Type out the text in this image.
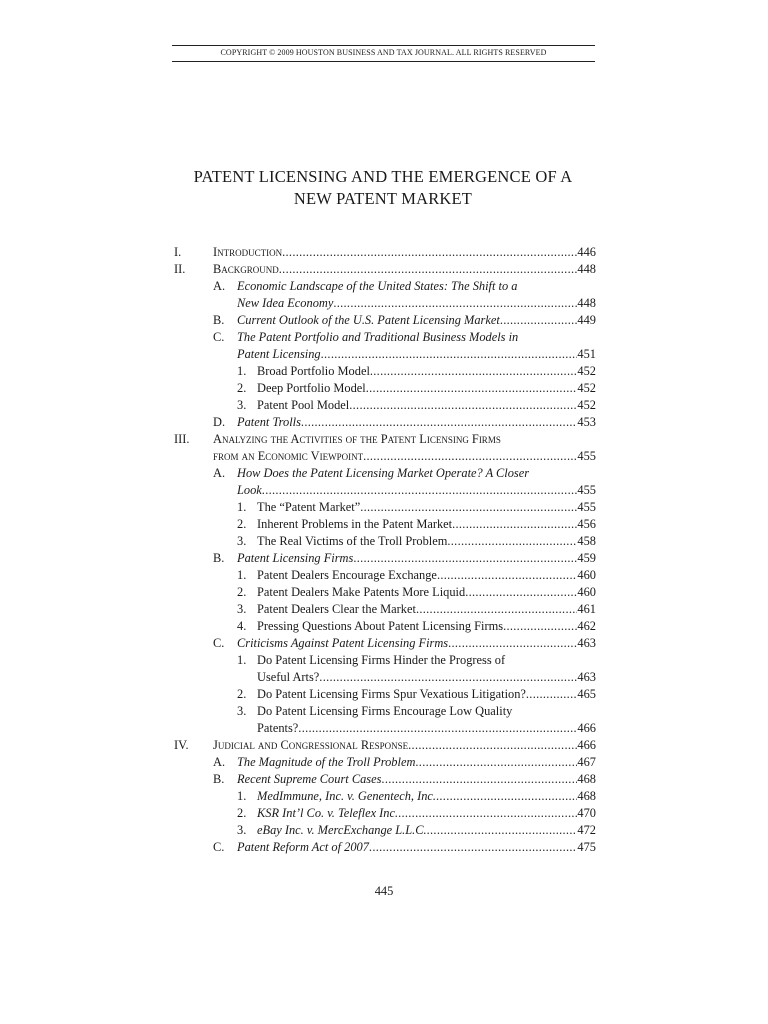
COPYRIGHT © 2009 HOUSTON BUSINESS AND TAX JOURNAL. ALL RIGHTS RESERVED
PATENT LICENSING AND THE EMERGENCE OF A
NEW PATENT MARKET
I.	Introduction .....	446
II. Background .....	448
A. Economic Landscape of the United States: The Shift to a
New Idea Economy .....	448
B. Current Outlook of the U.S. Patent Licensing Market .....	449
C. The Patent Portfolio and Traditional Business Models in
Patent Licensing .....	451
1. Broad Portfolio Model .....	452
2. Deep Portfolio Model .....	452
3. Patent Pool Model .....	452
D. Patent Trolls .....	453
III. Analyzing the Activities of the Patent Licensing Firms
from an Economic Viewpoint .....	455
A. How Does the Patent Licensing Market Operate? A Closer
Look .....	455
1. The “Patent Market” .....	455
2. Inherent Problems in the Patent Market .....	456
3. The Real Victims of the Troll Problem .....	458
B. Patent Licensing Firms .....	459
1. Patent Dealers Encourage Exchange .....	460
2. Patent Dealers Make Patents More Liquid .....	460
3. Patent Dealers Clear the Market .....	461
4. Pressing Questions About Patent Licensing Firms .....	462
C. Criticisms Against Patent Licensing Firms .....	463
1. Do Patent Licensing Firms Hinder the Progress of
Useful Arts? .....	463
2. Do Patent Licensing Firms Spur Vexatious Litigation? .....	465
3. Do Patent Licensing Firms Encourage Low Quality
Patents? .....	466
IV. Judicial and Congressional Response .....	466
A. The Magnitude of the Troll Problem .....	467
B. Recent Supreme Court Cases .....	468
1. MedImmune, Inc. v. Genentech, Inc. .....	468
2. KSR Int’l Co. v. Teleflex Inc. .....	470
3. eBay Inc. v. MercExchange L.L.C. .....	472
C. Patent Reform Act of 2007 .....	475
445
